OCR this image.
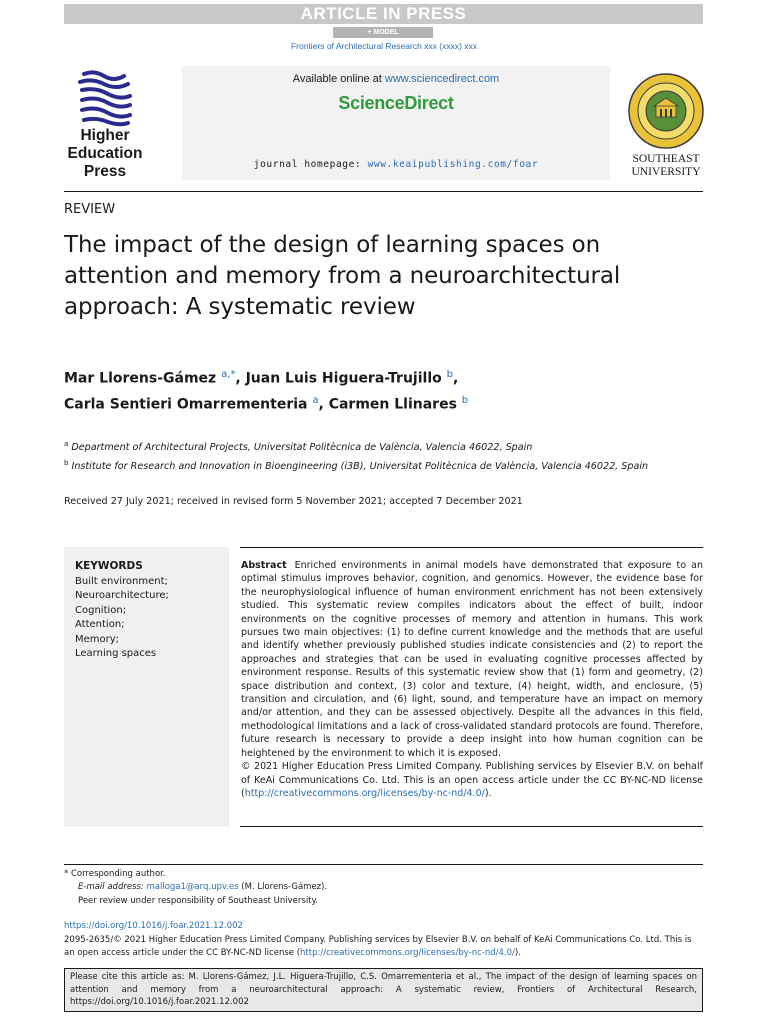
ARTICLE IN PRESS
+ MODEL
Frontiers of Architectural Research xxx (xxxx) xxx
Higher Education Press
Available online at www.sciencedirect.com
ScienceDirect
journal homepage: www.keaipublishing.com/foar	SOUTHEAST UNIVERSITY
REVIEW
The impact of the design of learning spaces on attention and memory from a neuroarchitectural approach: A systematic review
Mar Llorens-Gámez $^{a,*}$, Juan Luis Higuera-Trujillo $^b$,
Carla Sentieri Omarrementeria $^a$, Carmen Llinares $^b$
$^a$ Department of Architectural Projects, Universitat Politècnica de València, Valencia 46022, Spain
$^b$ Institute for Research and Innovation in Bioengineering (i3B), Universitat Politècnica de València, Valencia 46022, Spain
Received 27 July 2021; received in revised form 5 November 2021; accepted 7 December 2021
KEYWORDS
Built environment;
Neuroarchitecture;
Cognition;
Attention;
Memory;
Learning spaces
Abstract Enriched environments in animal models have demonstrated that exposure to an optimal stimulus improves behavior, cognition, and genomics. However, the evidence base for the neurophysiological influence of human environment enrichment has not been extensively studied. This systematic review compiles indicators about the effect of built, indoor environments on the cognitive processes of memory and attention in humans. This work pursues two main objectives: (1) to define current knowledge and the methods that are useful and identify whether previously published studies indicate consistencies and (2) to report the approaches and strategies that can be used in evaluating cognitive processes affected by environment response. Results of this systematic review show that (1) form and geometry, (2) space distribution and context, (3) color and texture, (4) height, width, and enclosure, (5) transition and circulation, and (6) light, sound, and temperature have an impact on memory and/or attention, and they can be assessed objectively. Despite all the advances in this field, methodological limitations and a lack of cross-validated standard protocols are found. Therefore, future research is necessary to provide a deep insight into how human cognition can be heightened by the environment to which it is exposed.
© 2021 Higher Education Press Limited Company. Publishing services by Elsevier B.V. on behalf of KeAi Communications Co. Ltd. This is an open access article under the CC BY-NC-ND license (http://creativecommons.org/licenses/by-nc-nd/4.0/).
* Corresponding author.
E-mail address: malloga1@arq.upv.es (M. Llorens-Gámez).
Peer review under responsibility of Southeast University.
https://doi.org/10.1016/j.foar.2021.12.002
2095-2635/© 2021 Higher Education Press Limited Company. Publishing services by Elsevier B.V. on behalf of KeAi Communications Co. Ltd. This is an open access article under the CC BY-NC-ND license (http://creativecommons.org/licenses/by-nc-nd/4.0/).
Please cite this article as: M. Llorens-Gámez, J.L. Higuera-Trujillo, C.S. Omarrementeria et al., The impact of the design of learning spaces on attention and memory from a neuroarchitectural approach: A systematic review, Frontiers of Architectural Research, https://doi.org/10.1016/j.foar.2021.12.002
